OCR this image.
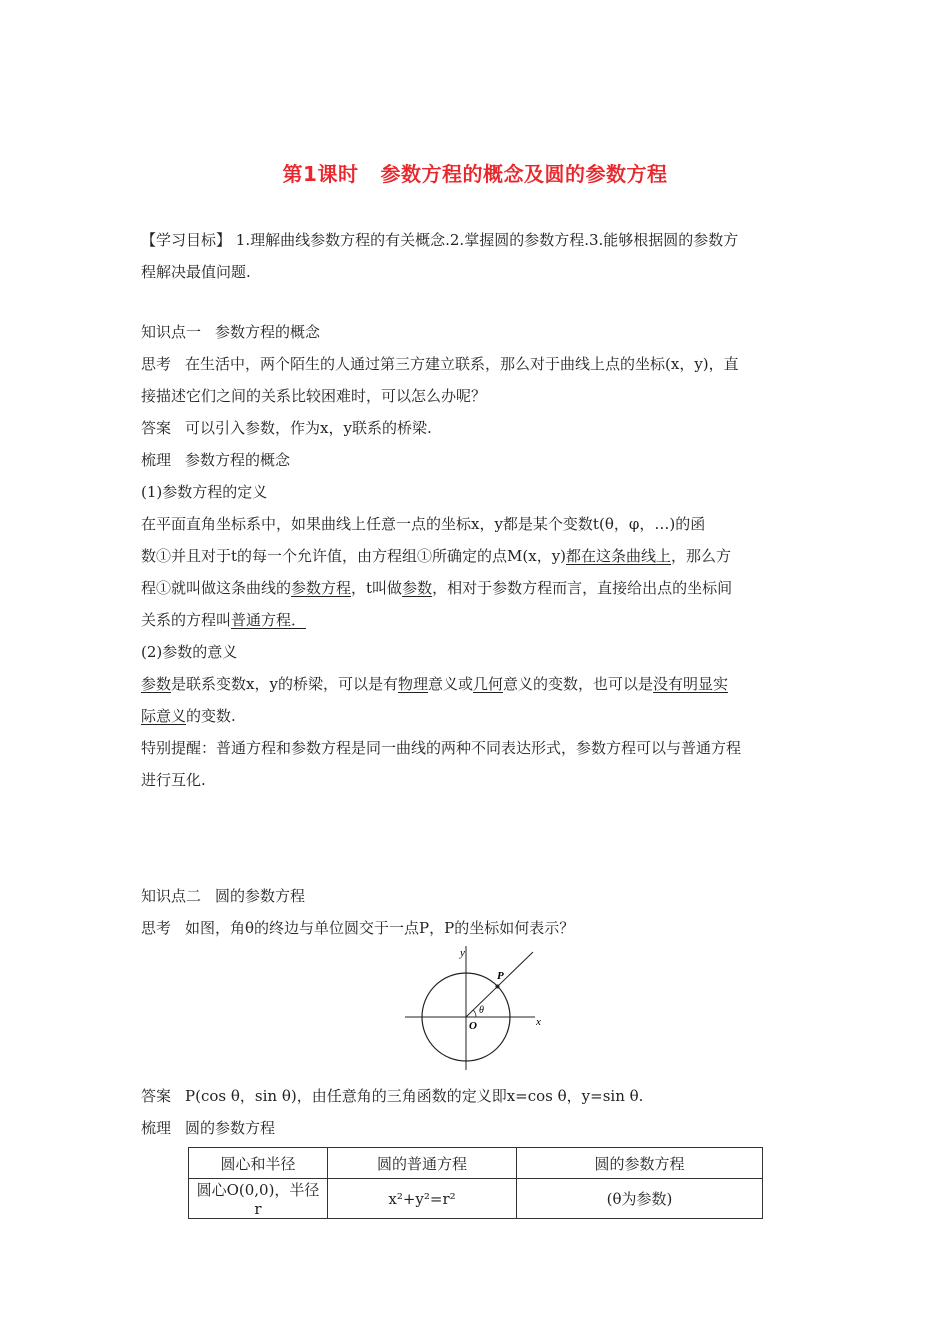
第1课时 参数方程的概念及圆的参数方程
【学习目标】 1.理解曲线参数方程的有关概念.2.掌握圆的参数方程.3.能够根据圆的参数方
程解决最值问题.
知识点一 参数方程的概念
思考 在生活中，两个陌生的人通过第三方建立联系，那么对于曲线上点的坐标(x，y)，直
接描述它们之间的关系比较困难时，可以怎么办呢？
答案 可以引入参数，作为x，y联系的桥梁.
梳理 参数方程的概念
(1)参数方程的定义
在平面直角坐标系中，如果曲线上任意一点的坐标x，y都是某个变数t(θ，φ，…)的函
数①并且对于t的每一个允许值，由方程组①所确定的点M(x，y)都在这条曲线上，那么方
程①就叫做这条曲线的参数方程，t叫做参数，相对于参数方程而言，直接给出点的坐标间
关系的方程叫普通方程．
(2)参数的意义
参数是联系变数x，y的桥梁，可以是有物理意义或几何意义的变数，也可以是没有明显实
际意义的变数.
特别提醒：普通方程和参数方程是同一曲线的两种不同表达形式，参数方程可以与普通方程
进行互化.
知识点二 圆的参数方程
思考 如图，角θ的终边与单位圆交于一点P，P的坐标如何表示？
y
x
O
P
θ
答案 P(cos θ，sin θ)，由任意角的三角函数的定义即x=cos θ，y=sin θ.
梳理 圆的参数方程
圆心和半径	圆的普通方程	圆的参数方程
圆心O(0,0)，半径r	x²+y²=r²	(θ为参数)
